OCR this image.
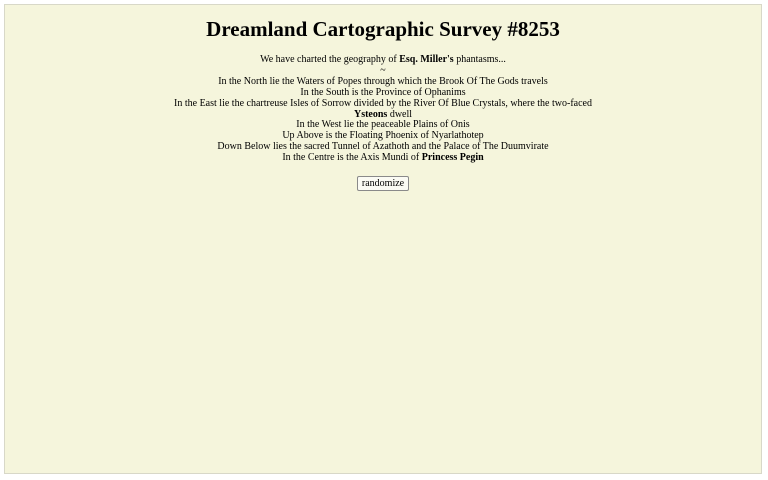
Dreamland Cartographic Survey #8253
We have charted the geography of Esq. Miller's phantasms...
~
In the North lie the Waters of Popes through which the Brook Of The Gods travels
In the South is the Province of Ophanims
In the East lie the chartreuse Isles of Sorrow divided by the River Of Blue Crystals, where the two-faced
Ysteons dwell
In the West lie the peaceable Plains of Onis
Up Above is the Floating Phoenix of Nyarlathotep
Down Below lies the sacred Tunnel of Azathoth and the Palace of The Duumvirate
In the Centre is the Axis Mundi of Princess Pegin
randomize
